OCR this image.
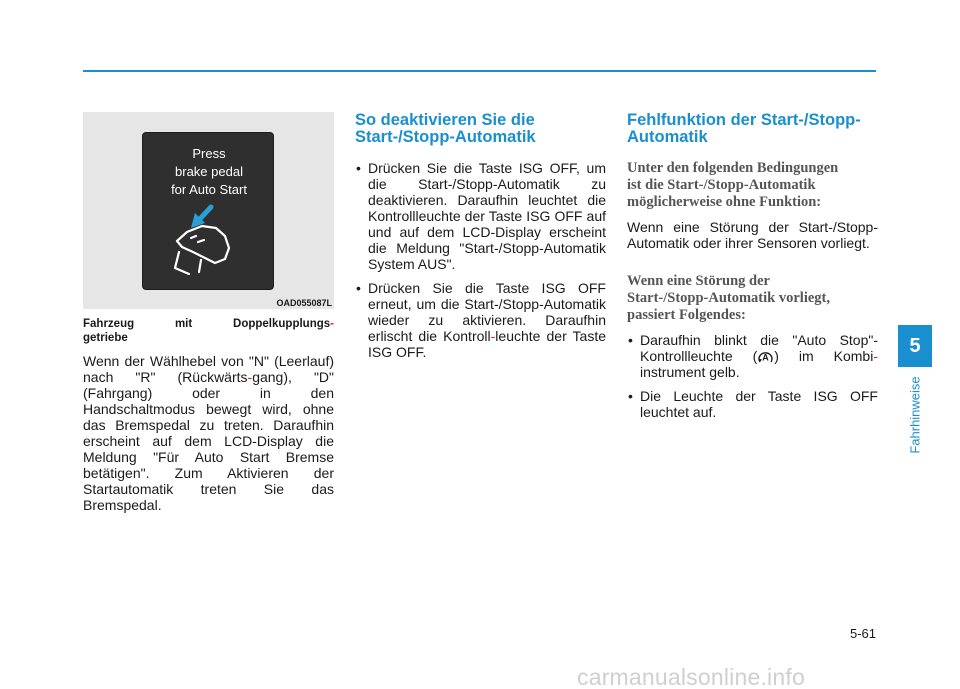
Press
brake pedal
for Auto Start
OAD055087L
Fahrzeug mit Doppelkupplungs-
getriebe

Wenn der Wählhebel von "N" (Leerlauf) nach "R" (Rückwärts-gang), "D" (Fahrgang) oder in den Handschaltmodus bewegt wird, ohne das Bremspedal zu treten. Daraufhin erscheint auf dem LCD-Display die Meldung "Für Auto Start Bremse betätigen". Zum Aktivieren der Startautomatik treten Sie das Bremspedal.

So deaktivieren Sie die Start-/Stopp-Automatik
• Drücken Sie die Taste ISG OFF, um die Start-/Stopp-Automatik zu deaktivieren. Daraufhin leuchtet die Kontrollleuchte der Taste ISG OFF auf und auf dem LCD-Display erscheint die Meldung "Start-/Stopp-Automatik System AUS".
• Drücken Sie die Taste ISG OFF erneut, um die Start-/Stopp-Automatik wieder zu aktivieren. Daraufhin erlischt die Kontroll-leuchte der Taste ISG OFF.
Fehlfunktion der Start-/Stopp-Automatik
Unter den folgenden Bedingungen
ist die Start-/Stopp-Automatik
möglicherweise ohne Funktion:

Wenn eine Störung der Start-/Stopp-Automatik oder ihrer Sensoren vorliegt.

Wenn eine Störung der
Start-/Stopp-Automatik vorliegt,
passiert Folgendes:
• Daraufhin blinkt die "Auto Stop"-Kontrollleuchte ( A ) im Kombi-instrument gelb.
• Die Leuchte der Taste ISG OFF leuchtet auf.
5
Fahrhinweise
5-61
carmanualsonline.info
